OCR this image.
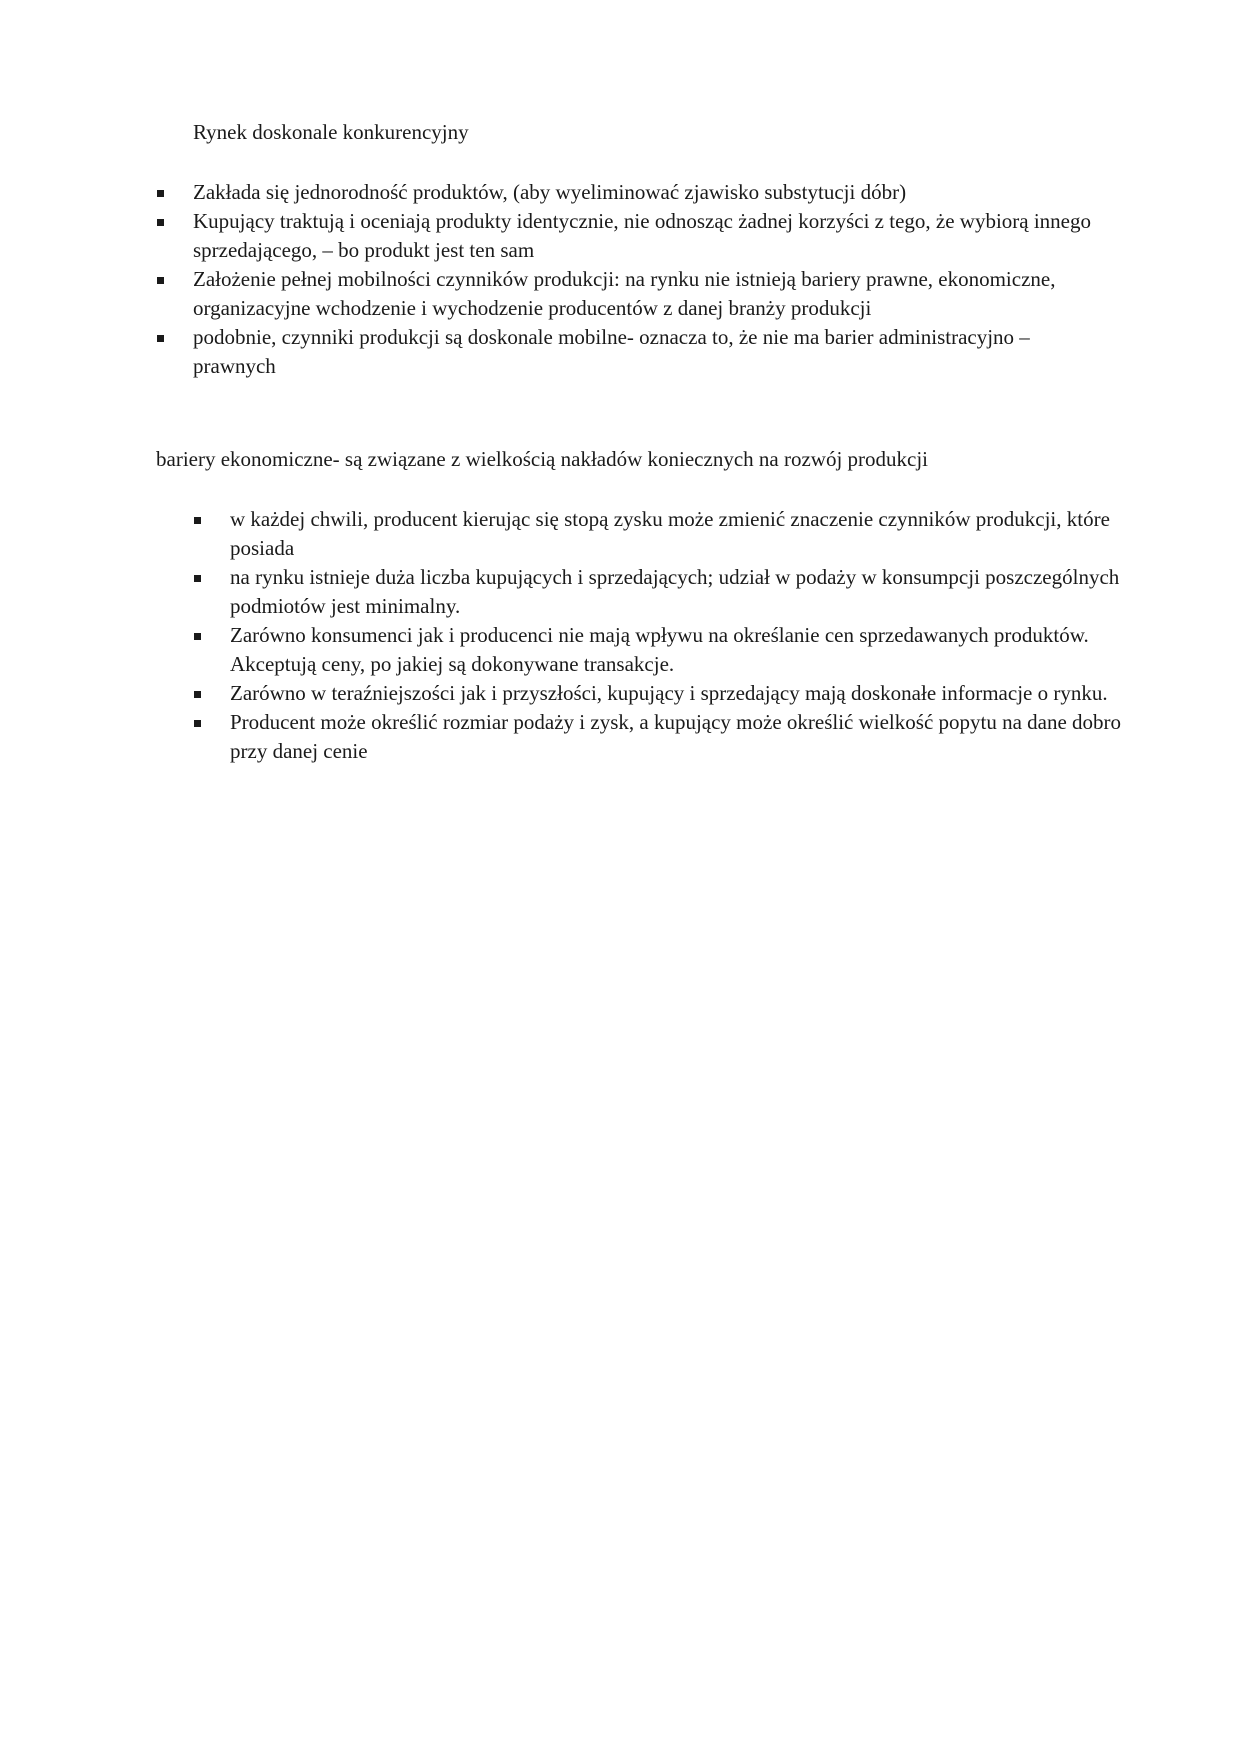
Rynek doskonale konkurencyjny
Zakłada się jednorodność produktów, (aby wyeliminować zjawisko substytucji dóbr)
Kupujący traktują i oceniają produkty identycznie, nie odnosząc żadnej korzyści z tego, że wybiorą innego sprzedającego, – bo produkt jest ten sam
Założenie pełnej mobilności czynników produkcji: na rynku nie istnieją bariery prawne, ekonomiczne, organizacyjne wchodzenie i wychodzenie producentów z danej branży produkcji
podobnie, czynniki produkcji są doskonale mobilne- oznacza to, że nie ma barier administracyjno – prawnych

bariery ekonomiczne- są związane z wielkością nakładów koniecznych na rozwój produkcji

w każdej chwili, producent kierując się stopą zysku może zmienić znaczenie czynników produkcji, które posiada
na rynku istnieje duża liczba kupujących i sprzedających; udział w podaży w konsumpcji poszczególnych podmiotów jest minimalny.
Zarówno konsumenci jak i producenci nie mają wpływu na określanie cen sprzedawanych produktów. Akceptują ceny, po jakiej są dokonywane transakcje.
Zarówno w teraźniejszości jak i przyszłości, kupujący i sprzedający mają doskonałe informacje o rynku.
Producent może określić rozmiar podaży i zysk, a kupujący może określić wielkość popytu na dane dobro przy danej cenie
